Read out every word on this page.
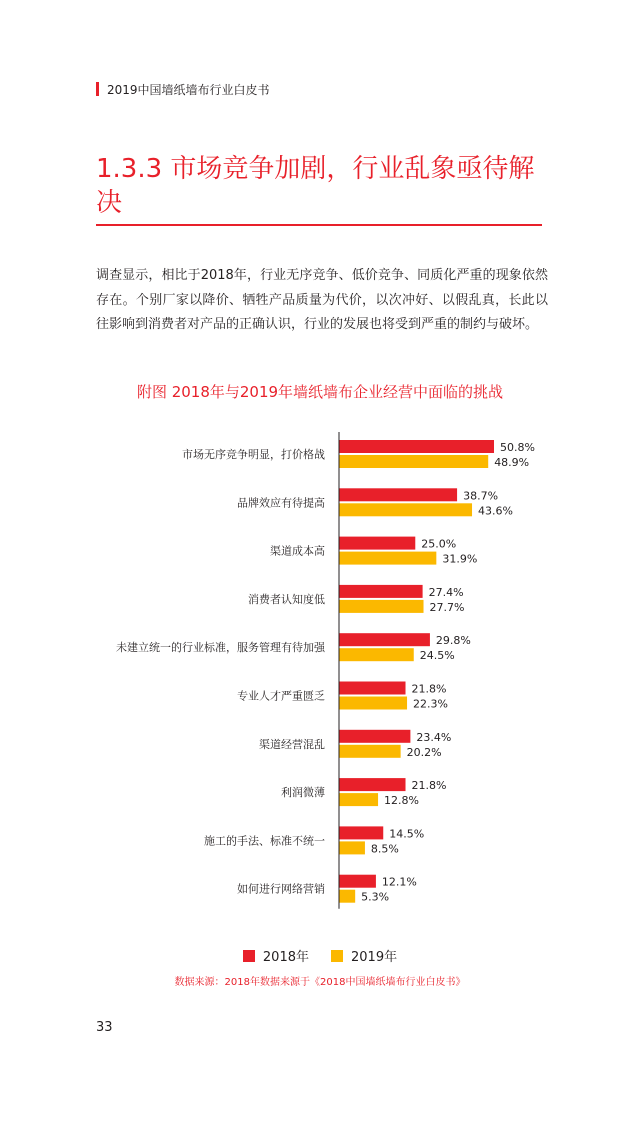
2019中国墙纸墙布行业白皮书
1.3.3 市场竞争加剧，行业乱象亟待解决
调查显示，相比于2018年，行业无序竞争、低价竞争、同质化严重的现象依然存在。个别厂家以降价、牺牲产品质量为代价，以次冲好、以假乱真，长此以往影响到消费者对产品的正确认识，行业的发展也将受到严重的制约与破坏。
附图 2018年与2019年墙纸墙布企业经营中面临的挑战
市场无序竞争明显，打价格战
50.8%
48.9%
品牌效应有待提高
38.7%
43.6%
渠道成本高
25.0%
31.9%
消费者认知度低
27.4%
27.7%
未建立统一的行业标准，服务管理有待加强
29.8%
24.5%
专业人才严重匮乏
21.8%
22.3%
渠道经营混乱
23.4%
20.2%
利润微薄
21.8%
12.8%
施工的手法、标准不统一
14.5%
8.5%
如何进行网络营销
12.1%
5.3%
2018年	2019年
数据来源：2018年数据来源于《2018中国墙纸墙布行业白皮书》
33
